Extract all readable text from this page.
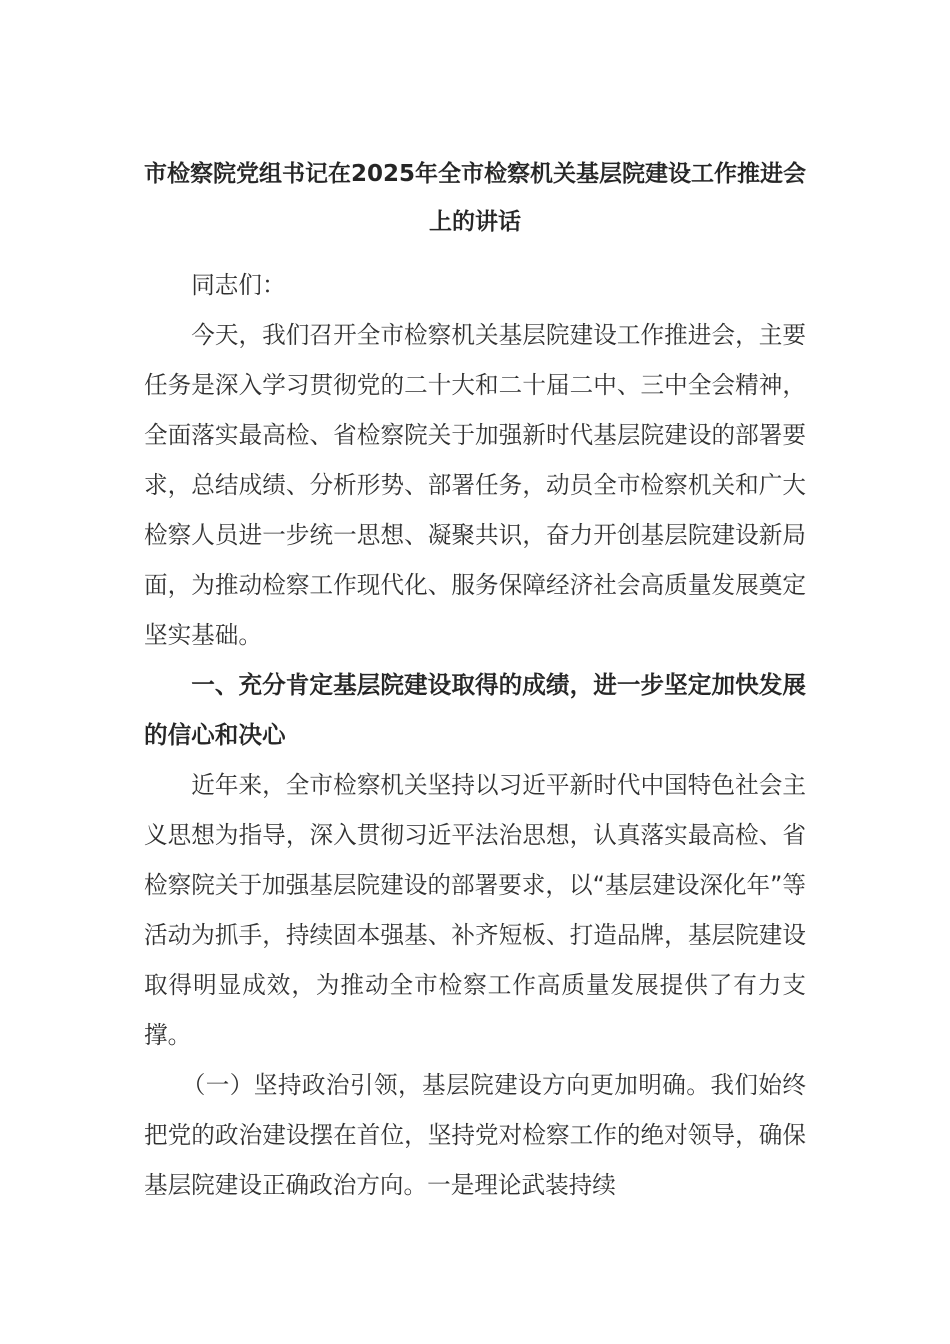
市检察院党组书记在2025年全市检察机关基层院建设工作推进会上的讲话

同志们：

今天，我们召开全市检察机关基层院建设工作推进会，主要任务是深入学习贯彻党的二十大和二十届二中、三中全会精神，全面落实最高检、省检察院关于加强新时代基层院建设的部署要求，总结成绩、分析形势、部署任务，动员全市检察机关和广大检察人员进一步统一思想、凝聚共识，奋力开创基层院建设新局面，为推动检察工作现代化、服务保障经济社会高质量发展奠定坚实基础。

一、充分肯定基层院建设取得的成绩，进一步坚定加快发展的信心和决心

近年来，全市检察机关坚持以习近平新时代中国特色社会主义思想为指导，深入贯彻习近平法治思想，认真落实最高检、省检察院关于加强基层院建设的部署要求，以“基层建设深化年”等活动为抓手，持续固本强基、补齐短板、打造品牌，基层院建设取得明显成效，为推动全市检察工作高质量发展提供了有力支撑。

（一）坚持政治引领，基层院建设方向更加明确。我们始终把党的政治建设摆在首位，坚持党对检察工作的绝对领导，确保基层院建设正确政治方向。一是理论武装持续
